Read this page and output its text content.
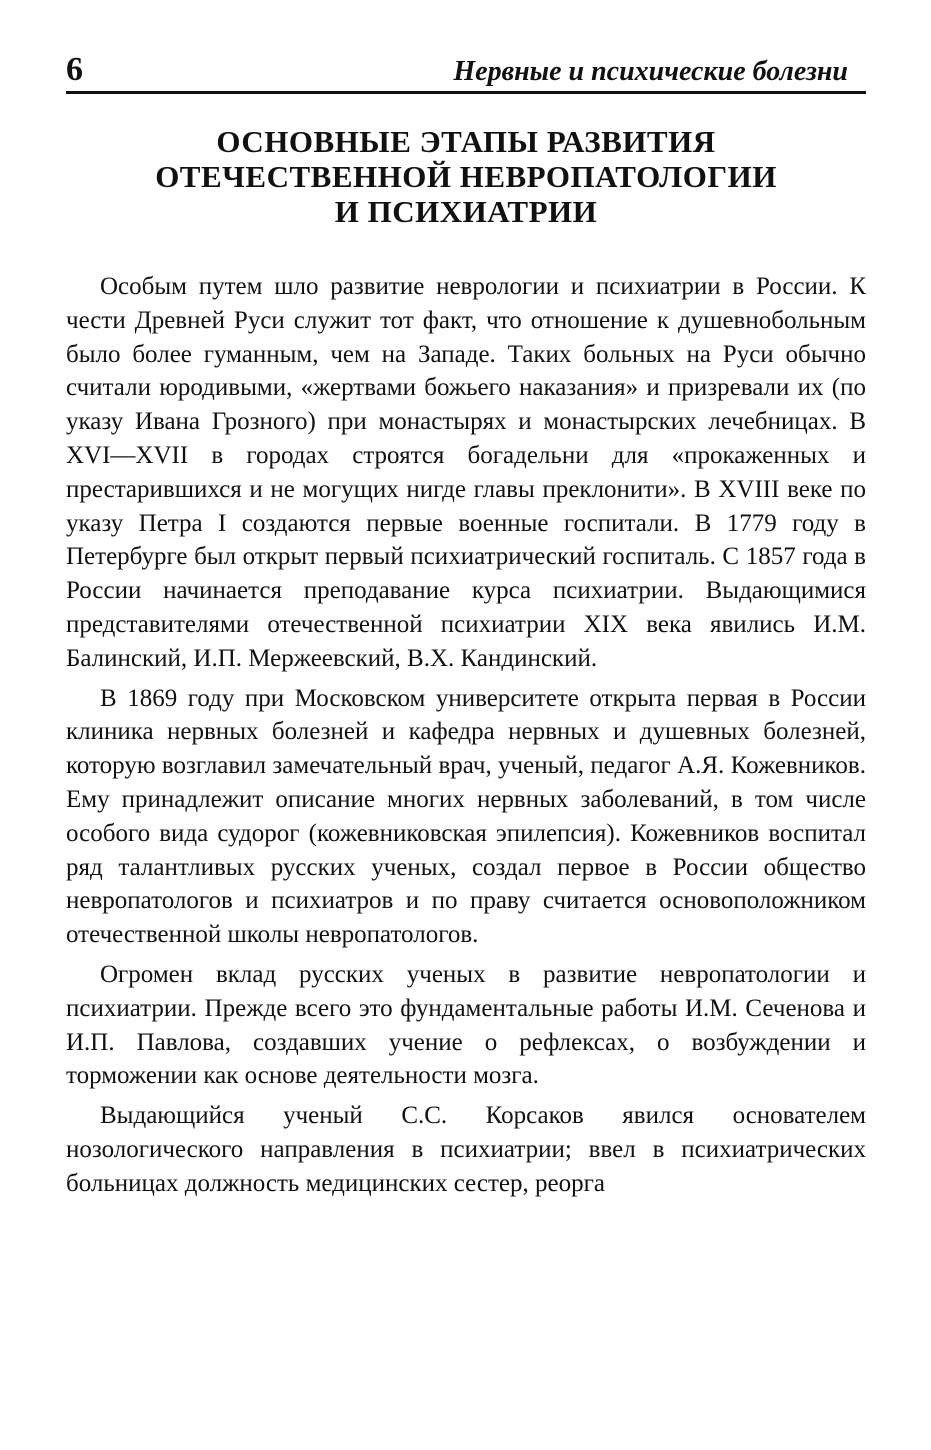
6	Нервные и психические болезни
ОСНОВНЫЕ ЭТАПЫ РАЗВИТИЯ
ОТЕЧЕСТВЕННОЙ НЕВРОПАТОЛОГИИ
И ПСИХИАТРИИ

Особым путем шло развитие неврологии и психиатрии в России. К чести Древней Руси служит тот факт, что отношение к душевнобольным было более гуманным, чем на Западе. Таких больных на Руси обычно считали юродивыми, «жертвами божьего наказания» и призревали их (по указу Ивана Грозного) при монастырях и монастырских лечебницах. В XVI—XVII в городах строятся богадельни для «прокаженных и престарившихся и не могущих нигде главы преклонити». В XVIII веке по указу Петра I создаются первые военные госпитали. В 1779 году в Петербурге был открыт первый психиатрический госпиталь. С 1857 года в России начинается преподавание курса психиатрии. Выдающимися представителями отечественной психиатрии XIX века явились И.М. Балинский, И.П. Мержеевский, В.Х. Кандинский.

В 1869 году при Московском университете открыта первая в России клиника нервных болезней и кафедра нервных и душевных болезней, которую возглавил замечательный врач, ученый, педагог А.Я. Кожевников. Ему принадлежит описание многих нервных заболеваний, в том числе особого вида судорог (кожевниковская эпилепсия). Кожевников воспитал ряд талантливых русских ученых, создал первое в России общество невропатологов и психиатров и по праву считается основоположником отечественной школы невропатологов.

Огромен вклад русских ученых в развитие невропатологии и психиатрии. Прежде всего это фундаментальные работы И.М. Сеченова и И.П. Павлова, создавших учение о рефлексах, о возбуждении и торможении как основе деятельности мозга.

Выдающийся ученый С.С. Корсаков явился основателем нозологического направления в психиатрии; ввел в психиатрических больницах должность медицинских сестер, реорга
